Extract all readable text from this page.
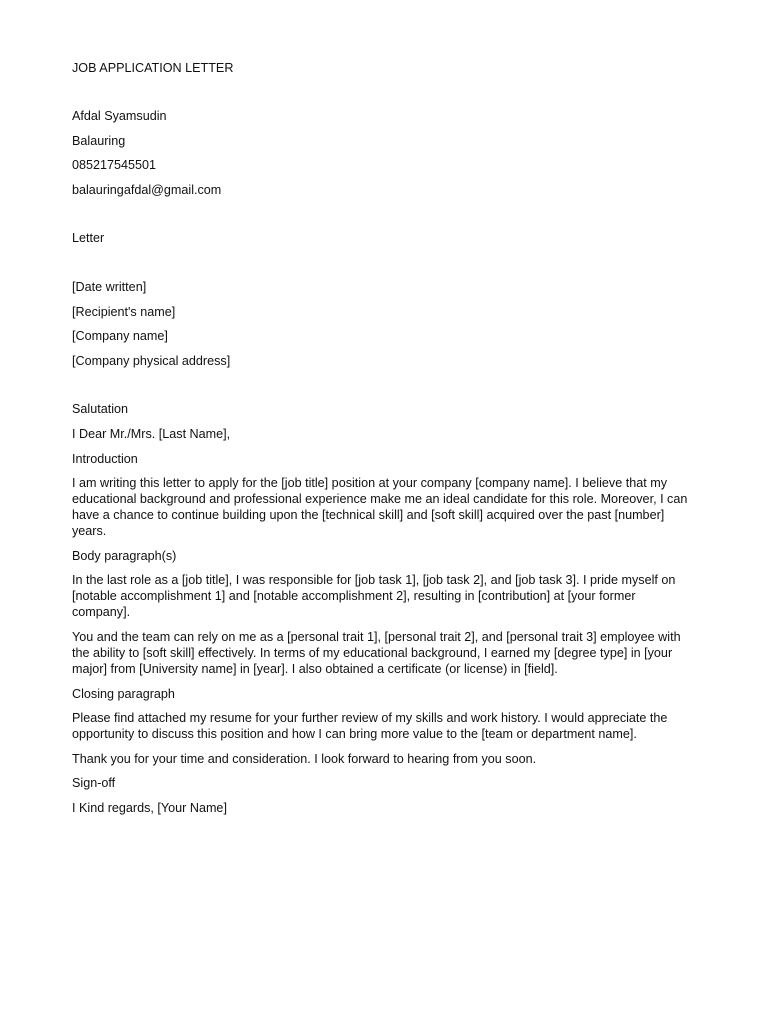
JOB APPLICATION LETTER

Afdal Syamsudin

Balauring

085217545501

balauringafdal@gmail.com

Letter

[Date written]

[Recipient's name]

[Company name]

[Company physical address]

Salutation

I Dear Mr./Mrs. [Last Name],

Introduction

I am writing this letter to apply for the [job title] position at your company [company name]. I believe that my

educational background and professional experience make me an ideal candidate for this role. Moreover, I can

have a chance to continue building upon the [technical skill] and [soft skill] acquired over the past [number]

years.

Body paragraph(s)

In the last role as a [job title], I was responsible for [job task 1], [job task 2], and [job task 3]. I pride myself on

[notable accomplishment 1] and [notable accomplishment 2], resulting in [contribution] at [your former

company].

You and the team can rely on me as a [personal trait 1], [personal trait 2], and [personal trait 3] employee with

the ability to [soft skill] effectively. In terms of my educational background, I earned my [degree type] in [your

major] from [University name] in [year]. I also obtained a certificate (or license) in [field].

Closing paragraph

Please find attached my resume for your further review of my skills and work history. I would appreciate the

opportunity to discuss this position and how I can bring more value to the [team or department name].

Thank you for your time and consideration. I look forward to hearing from you soon.

Sign-off

I Kind regards, [Your Name]
